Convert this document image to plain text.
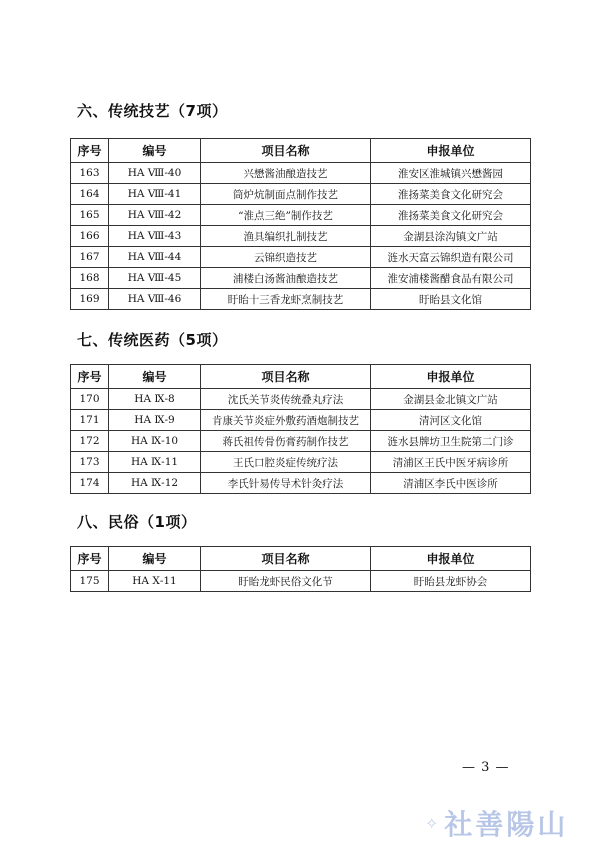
六、传统技艺（7项）
序号	编号	项目名称	申报单位
163	HA Ⅷ-40	兴懋酱油酿造技艺	淮安区淮城镇兴懋酱园
164	HA Ⅷ-41	筒炉炕制面点制作技艺	淮扬菜美食文化研究会
165	HA Ⅷ-42	“淮点三绝”制作技艺	淮扬菜美食文化研究会
166	HA Ⅷ-43	渔具编织扎制技艺	金湖县涂沟镇文广站
167	HA Ⅷ-44	云锦织造技艺	涟水天富云锦织造有限公司
168	HA Ⅷ-45	浦楼白汤酱油酿造技艺	淮安浦楼酱醋食品有限公司
169	HA Ⅷ-46	盱眙十三香龙虾烹制技艺	盱眙县文化馆
七、传统医药（5项）
序号	编号	项目名称	申报单位
170	HA Ⅸ-8	沈氏关节炎传统叠丸疗法	金湖县金北镇文广站
171	HA Ⅸ-9	肯康关节炎症外敷药酒炮制技艺	清河区文化馆
172	HA Ⅸ-10	蒋氏祖传骨伤膏药制作技艺	涟水县牌坊卫生院第二门诊
173	HA Ⅸ-11	王氏口腔炎症传统疗法	清浦区王氏中医牙病诊所
174	HA Ⅸ-12	李氏针易传导术针灸疗法	清浦区李氏中医诊所
八、民俗（1项）
序号	编号	项目名称	申报单位
175	HA Ⅹ-11	盱眙龙虾民俗文化节	盱眙县龙虾协会
— 3 —
✧ 社善陽山
